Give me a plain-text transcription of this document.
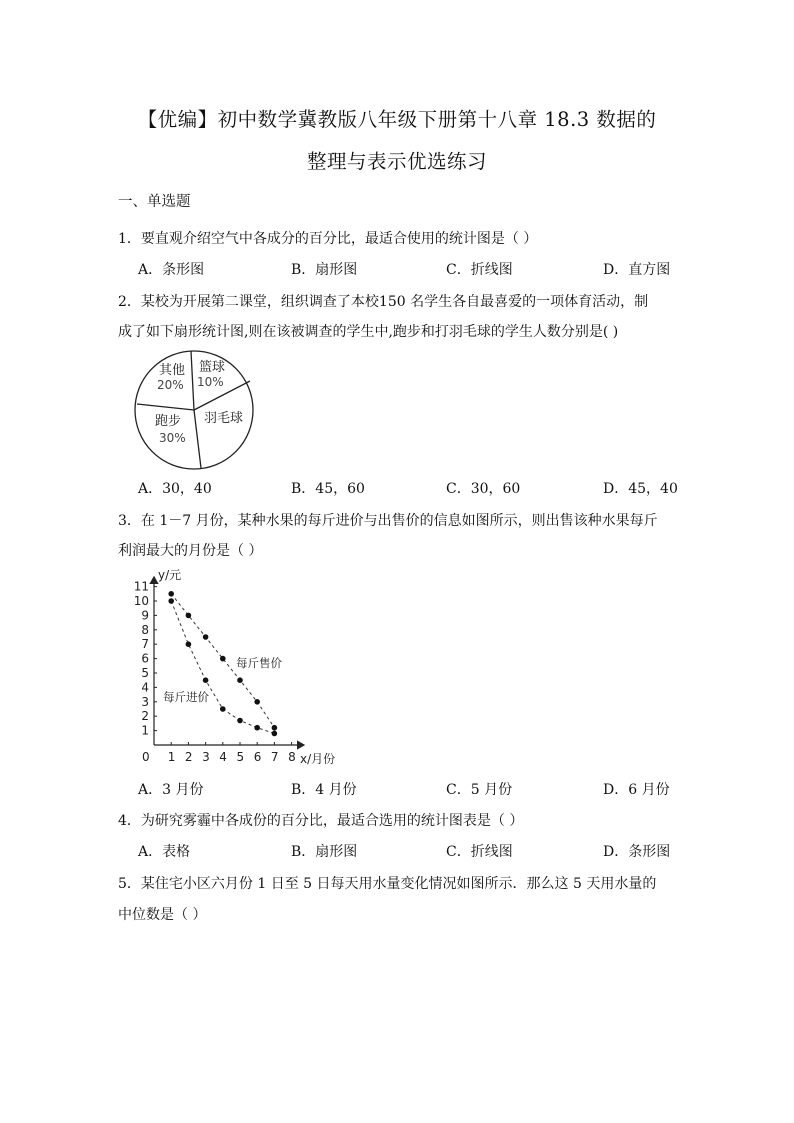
【优编】初中数学冀教版八年级下册第十八章 18.3 数据的
整理与表示优选练习
一、单选题
1．要直观介绍空气中各成分的百分比，最适合使用的统计图是（ ）
A．条形图	B．扇形图	C．折线图	D．直方图
2．某校为开展第二课堂，组织调查了本校150 名学生各自最喜爱的一项体育活动，制
成了如下扇形统计图,则在该被调查的学生中,跑步和打羽毛球的学生人数分别是( )
篮球
10%
羽毛球
跑步
30%
其他
20%
A．30，40	B．45，60	C．30，60	D．45，40
3．在 1－7 月份，某种水果的每斤进价与出售价的信息如图所示，则出售该种水果每斤
利润最大的月份是（ ）
y/元
x/月份
0 1 2 3 4 5 6 7 8
1
2
3
4
5
6
7
8
9
10
11
每斤售价
每斤进价
A．3 月份	B．4 月份	C．5 月份	D．6 月份
4．为研究雾霾中各成份的百分比，最适合选用的统计图表是（ ）
A．表格	B．扇形图	C．折线图	D．条形图
5．某住宅小区六月份 1 日至 5 日每天用水量变化情况如图所示．那么这 5 天用水量的
中位数是（ ）
